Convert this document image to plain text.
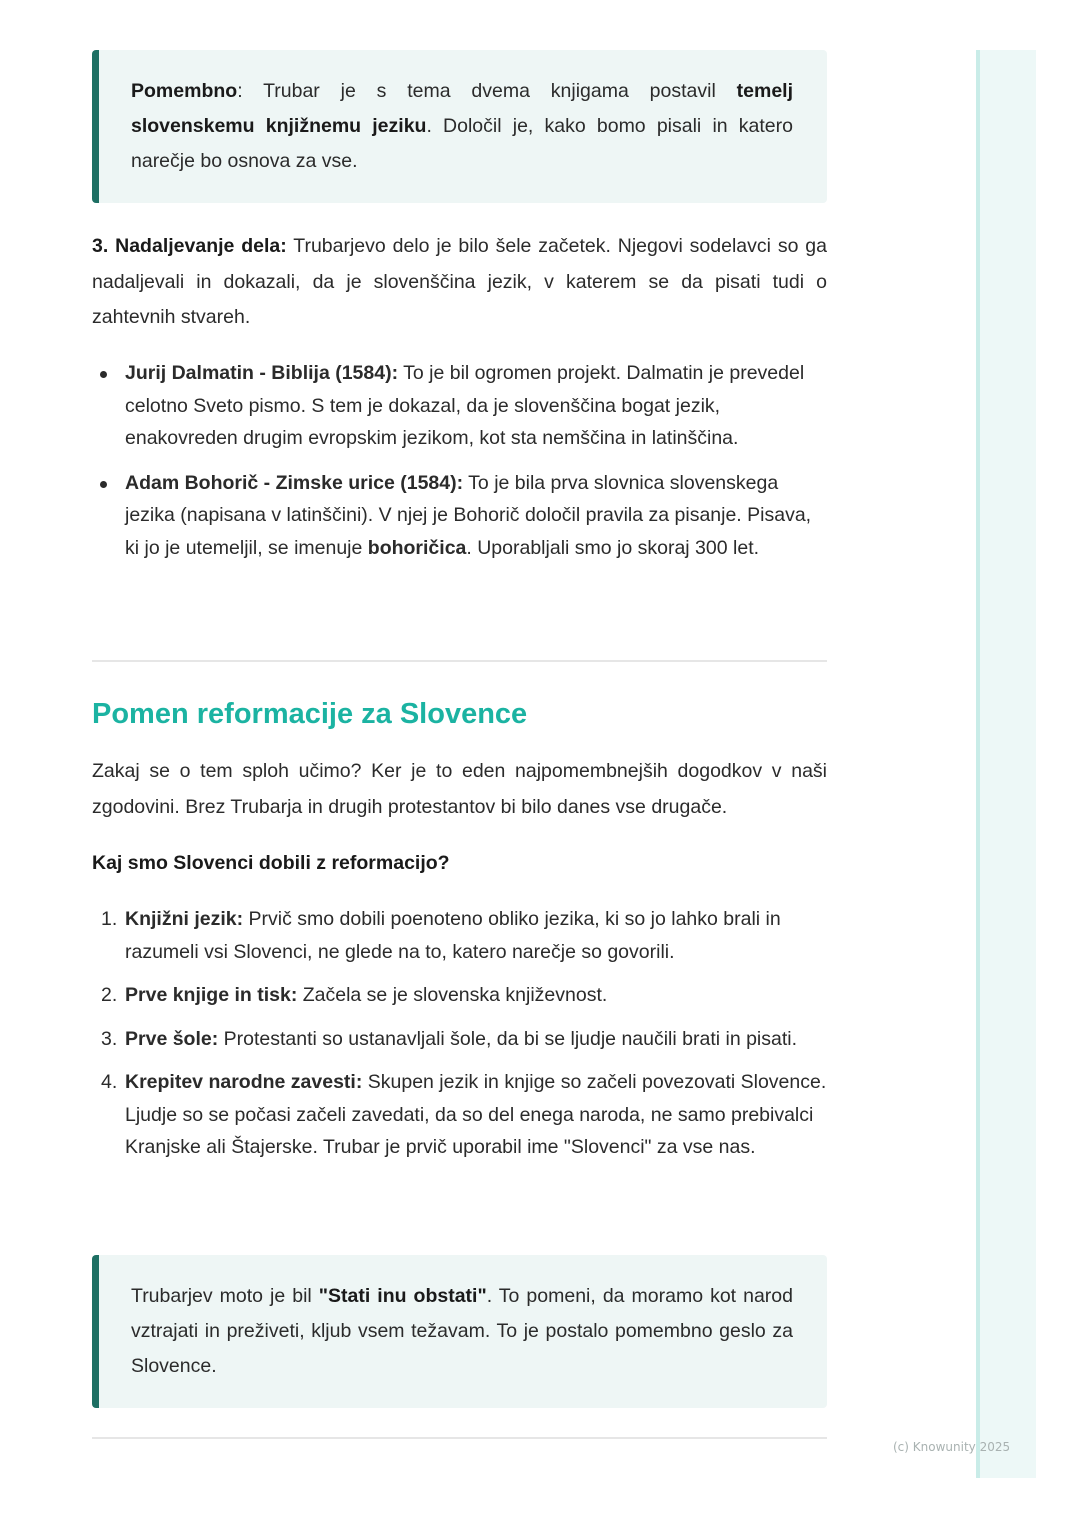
Pomembno: Trubar je s tema dvema knjigama postavil temelj slovenskemu knjižnemu jeziku. Določil je, kako bomo pisali in katero narečje bo osnova za vse.
3. Nadaljevanje dela: Trubarjevo delo je bilo šele začetek. Njegovi sodelavci so ga nadaljevali in dokazali, da je slovenščina jezik, v katerem se da pisati tudi o zahtevnih stvareh.
Jurij Dalmatin - Biblija (1584): To je bil ogromen projekt. Dalmatin je prevedel celotno Sveto pismo. S tem je dokazal, da je slovenščina bogat jezik, enakovreden drugim evropskim jezikom, kot sta nemščina in latinščina.
Adam Bohorič - Zimske urice (1584): To je bila prva slovnica slovenskega jezika (napisana v latinščini). V njej je Bohorič določil pravila za pisanje. Pisava, ki jo je utemeljil, se imenuje bohoričica. Uporabljali smo jo skoraj 300 let.
Pomen reformacije za Slovence
Zakaj se o tem sploh učimo? Ker je to eden najpomembnejših dogodkov v naši zgodovini. Brez Trubarja in drugih protestantov bi bilo danes vse drugače.
Kaj smo Slovenci dobili z reformacijo?
1. Knjižni jezik: Prvič smo dobili poenoteno obliko jezika, ki so jo lahko brali in razumeli vsi Slovenci, ne glede na to, katero narečje so govorili.
2. Prve knjige in tisk: Začela se je slovenska književnost.
3. Prve šole: Protestanti so ustanavljali šole, da bi se ljudje naučili brati in pisati.
4. Krepitev narodne zavesti: Skupen jezik in knjige so začeli povezovati Slovence. Ljudje so se počasi začeli zavedati, da so del enega naroda, ne samo prebivalci Kranjske ali Štajerske. Trubar je prvič uporabil ime "Slovenci" za vse nas.
Trubarjev moto je bil "Stati inu obstati". To pomeni, da moramo kot narod vztrajati in preživeti, kljub vsem težavam. To je postalo pomembno geslo za Slovence.
(c) Knowunity 2025
